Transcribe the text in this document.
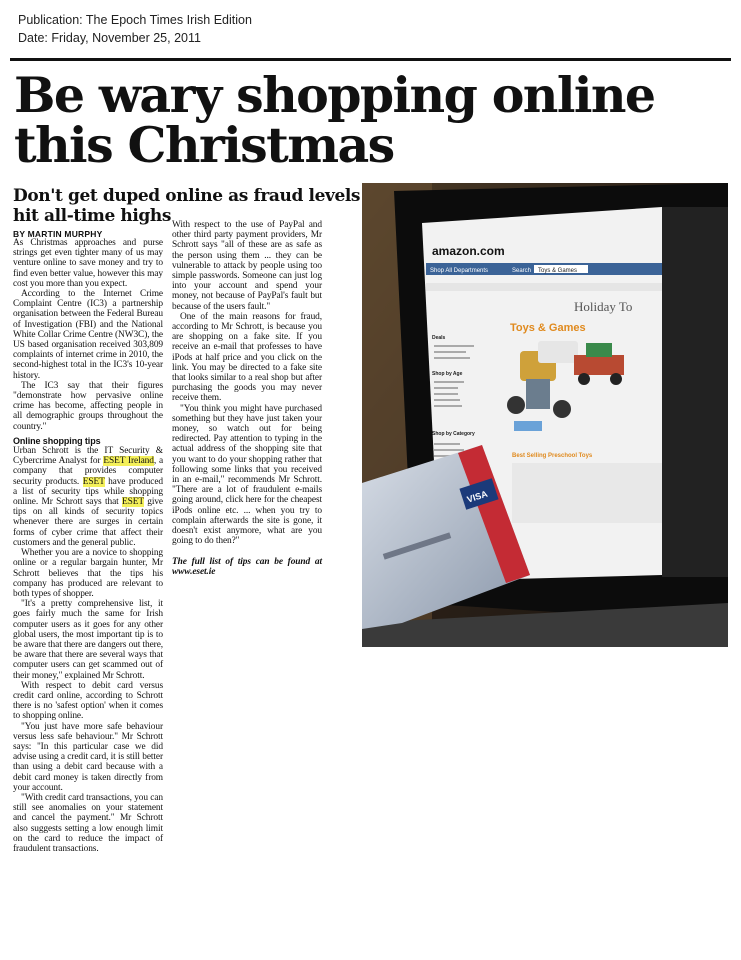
Publication: The Epoch Times Irish Edition
Date: Friday, November 25, 2011
Be wary shopping online this Christmas
Don't get duped online as fraud levels hit all-time highs
BY MARTIN MURPHY

As Christmas approaches and purse strings get even tighter many of us may venture online to save money and try to find even better value, however this may cost you more than you expect.

According to the Internet Crime Complaint Centre (IC3) a partnership organisation between the Federal Bureau of Investigation (FBI) and the National White Collar Crime Centre (NW3C), the US based organisation received 303,809 complaints of internet crime in 2010, the second-highest total in the IC3's 10-year history.

The IC3 say that their figures "demonstrate how pervasive online crime has become, affecting people in all demographic groups throughout the country."

Online shopping tips

Urban Schrott is the IT Security & Cybercrime Analyst for ESET Ireland, a company that provides computer security products. ESET have produced a list of security tips while shopping online. Mr Schrott says that ESET give tips on all kinds of security topics whenever there are surges in certain forms of cyber crime that affect their customers and the general public.

Whether you are a novice to shopping online or a regular bargain hunter, Mr Schrott believes that the tips his company has produced are relevant to both types of shopper.

"It's a pretty comprehensive list, it goes fairly much the same for Irish computer users as it goes for any other global users, the most important tip is to be aware that there are dangers out there, be aware that there are several ways that computer users can get scammed out of their money," explained Mr Schrott.

With respect to debit card versus credit card online, according to Schrott there is no 'safest option' when it comes to shopping online.

"You just have more safe behaviour versus less safe behaviour." Mr Schrott says: "In this particular case we did advise using a credit card, it is still better than using a debit card because with a debit card money is taken directly from your account.

"With credit card transactions, you can still see anomalies on your statement and cancel the payment." Mr Schrott also suggests setting a low enough limit on the card to reduce the impact of fraudulent transactions.

With respect to the use of PayPal and other third party payment providers, Mr Schrott says "all of these are as safe as the person using them ... they can be vulnerable to attack by people using too simple passwords. Someone can just log into your account and spend your money, not because of PayPal's fault but because of the users fault."

One of the main reasons for fraud, according to Mr Schrott, is because you are shopping on a fake site. If you receive an e-mail that professes to have iPods at half price and you click on the link. You may be directed to a fake site that looks similar to a real shop but after purchasing the goods you may never receive them.

"You think you might have purchased something but they have just taken your money, so watch out for being redirected. Pay attention to typing in the actual address of the shopping site that you want to do your shopping rather that following some links that you received in an e-mail," recommends Mr Schrott. "There are a lot of fraudulent e-mails going around, click here for the cheapest iPods online etc. ... when you try to complain afterwards the site is gone, it doesn't exist anymore, what are you going to do then?"

The full list of tips can be found at www.eset.ie

Shop All Departments	Search Toys & Games
amazon.com
Holiday To
Toys & Games
Deals
Shop by Age
Shop by Category
Best Selling Preschool Toys
VISA
